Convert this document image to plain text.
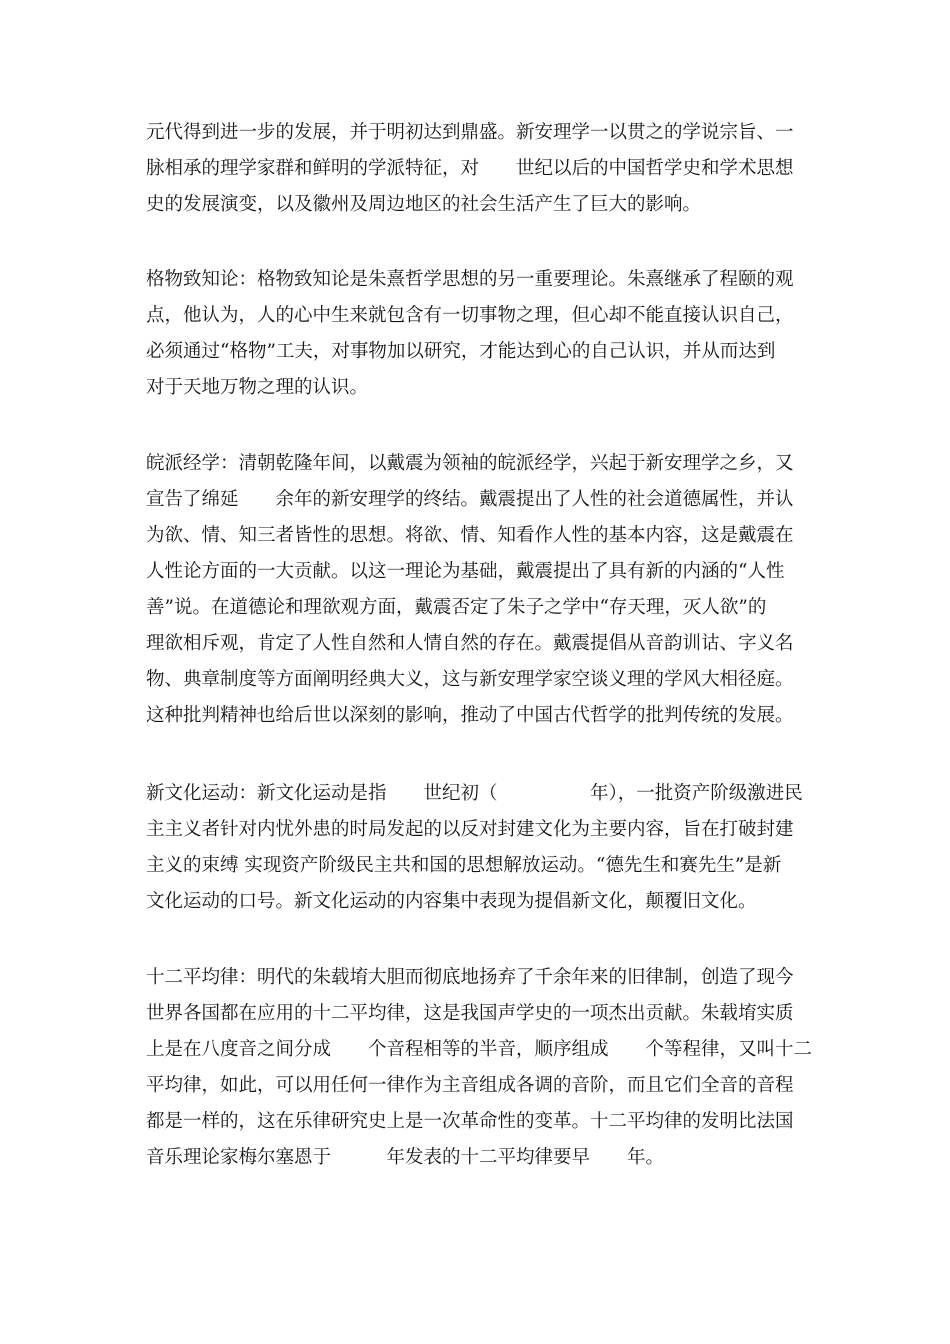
元代得到进一步的发展，并于明初达到鼎盛。新安理学一以贯之的学说宗旨、一
脉相承的理学家群和鲜明的学派特征，对　　世纪以后的中国哲学史和学术思想
史的发展演变，以及徽州及周边地区的社会生活产生了巨大的影响。
格物致知论：格物致知论是朱熹哲学思想的另一重要理论。朱熹继承了程颐的观
点，他认为，人的心中生来就包含有一切事物之理，但心却不能直接认识自己，
必须通过“格物”工夫，对事物加以研究，才能达到心的自己认识，并从而达到
对于天地万物之理的认识。
皖派经学：清朝乾隆年间，以戴震为领袖的皖派经学，兴起于新安理学之乡，又
宣告了绵延　　余年的新安理学的终结。戴震提出了人性的社会道德属性，并认
为欲、情、知三者皆性的思想。将欲、情、知看作人性的基本内容，这是戴震在
人性论方面的一大贡献。以这一理论为基础，戴震提出了具有新的内涵的“人性
善”说。在道德论和理欲观方面，戴震否定了朱子之学中“存天理，灭人欲”的
理欲相斥观，肯定了人性自然和人情自然的存在。戴震提倡从音韵训诂、字义名
物、典章制度等方面阐明经典大义，这与新安理学家空谈义理的学风大相径庭。
这种批判精神也给后世以深刻的影响，推动了中国古代哲学的批判传统的发展。
新文化运动：新文化运动是指　　世纪初（　　　　　年），一批资产阶级激进民
主主义者针对内忧外患的时局发起的以反对封建文化为主要内容，旨在打破封建
主义的束缚 实现资产阶级民主共和国的思想解放运动。“德先生和赛先生”是新
文化运动的口号。新文化运动的内容集中表现为提倡新文化，颠覆旧文化。
十二平均律：明代的朱载堉大胆而彻底地扬弃了千余年来的旧律制，创造了现今
世界各国都在应用的十二平均律，这是我国声学史的一项杰出贡献。朱载堉实质
上是在八度音之间分成　　个音程相等的半音，顺序组成　　个等程律，又叫十二
平均律，如此，可以用任何一律作为主音组成各调的音阶，而且它们全音的音程
都是一样的，这在乐律研究史上是一次革命性的变革。十二平均律的发明比法国
音乐理论家梅尔塞恩于　　　年发表的十二平均律要早　　年。
